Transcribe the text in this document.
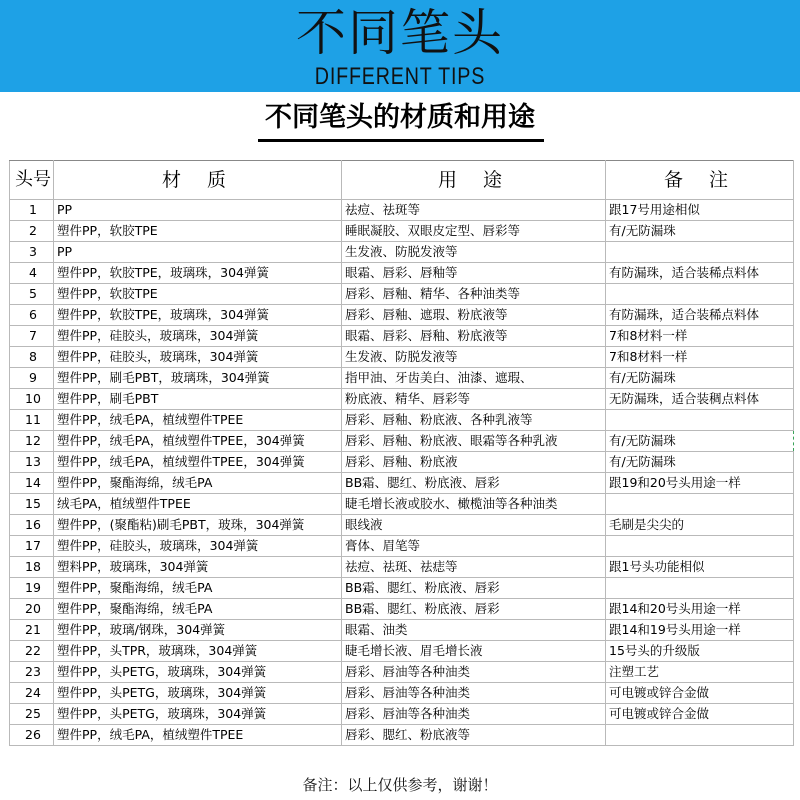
不同笔头
DIFFERENT TIPS
不同笔头的材质和用途
头号	材 质	用 途	备 注
1	PP	祛痘、祛斑等	跟17号用途相似
2	塑件PP，软胶TPE	睡眠凝胶、双眼皮定型、唇彩等	有/无防漏珠
3	PP	生发液、防脱发液等	
4	塑件PP，软胶TPE，玻璃珠，304弹簧	眼霜、唇彩、唇釉等	有防漏珠，适合装稀点料体
5	塑件PP，软胶TPE	唇彩、唇釉、精华、各种油类等	
6	塑件PP，软胶TPE，玻璃珠，304弹簧	唇彩、唇釉、遮瑕、粉底液等	有防漏珠，适合装稀点料体
7	塑件PP，硅胶头，玻璃珠，304弹簧	眼霜、唇彩、唇釉、粉底液等	7和8材料一样
8	塑件PP，硅胶头，玻璃珠，304弹簧	生发液、防脱发液等	7和8材料一样
9	塑件PP，刷毛PBT，玻璃珠，304弹簧	指甲油、牙齿美白、油漆、遮瑕、	有/无防漏珠
10	塑件PP，刷毛PBT	粉底液、精华、唇彩等	无防漏珠，适合装稠点料体
11	塑件PP，绒毛PA，植绒塑件TPEE	唇彩、唇釉、粉底液、各种乳液等	
12	塑件PP，绒毛PA，植绒塑件TPEE，304弹簧	唇彩、唇釉、粉底液、眼霜等各种乳液	有/无防漏珠
13	塑件PP，绒毛PA，植绒塑件TPEE，304弹簧	唇彩、唇釉、粉底液	有/无防漏珠
14	塑件PP，聚酯海绵，绒毛PA	BB霜、腮红、粉底液、唇彩	跟19和20号头用途一样
15	绒毛PA，植绒塑件TPEE	睫毛增长液或胶水、橄榄油等各种油类	
16	塑件PP，(聚酯粘)刷毛PBT，玻珠，304弹簧	眼线液	毛刷是尖尖的
17	塑件PP，硅胶头，玻璃珠，304弹簧	膏体、眉笔等	
18	塑料PP，玻璃珠，304弹簧	祛痘、祛斑、祛痣等	跟1号头功能相似
19	塑件PP，聚酯海绵，绒毛PA	BB霜、腮红、粉底液、唇彩	
20	塑件PP，聚酯海绵，绒毛PA	BB霜、腮红、粉底液、唇彩	跟14和20号头用途一样
21	塑件PP，玻璃/钢珠，304弹簧	眼霜、油类	跟14和19号头用途一样
22	塑件PP，头TPR，玻璃珠，304弹簧	睫毛增长液、眉毛增长液	15号头的升级版
23	塑件PP，头PETG，玻璃珠，304弹簧	唇彩、唇油等各种油类	注塑工艺
24	塑件PP，头PETG，玻璃珠，304弹簧	唇彩、唇油等各种油类	可电镀或锌合金做
25	塑件PP，头PETG，玻璃珠，304弹簧	唇彩、唇油等各种油类	可电镀或锌合金做
26	塑件PP，绒毛PA，植绒塑件TPEE	唇彩、腮红、粉底液等	
备注：以上仅供参考，谢谢！
